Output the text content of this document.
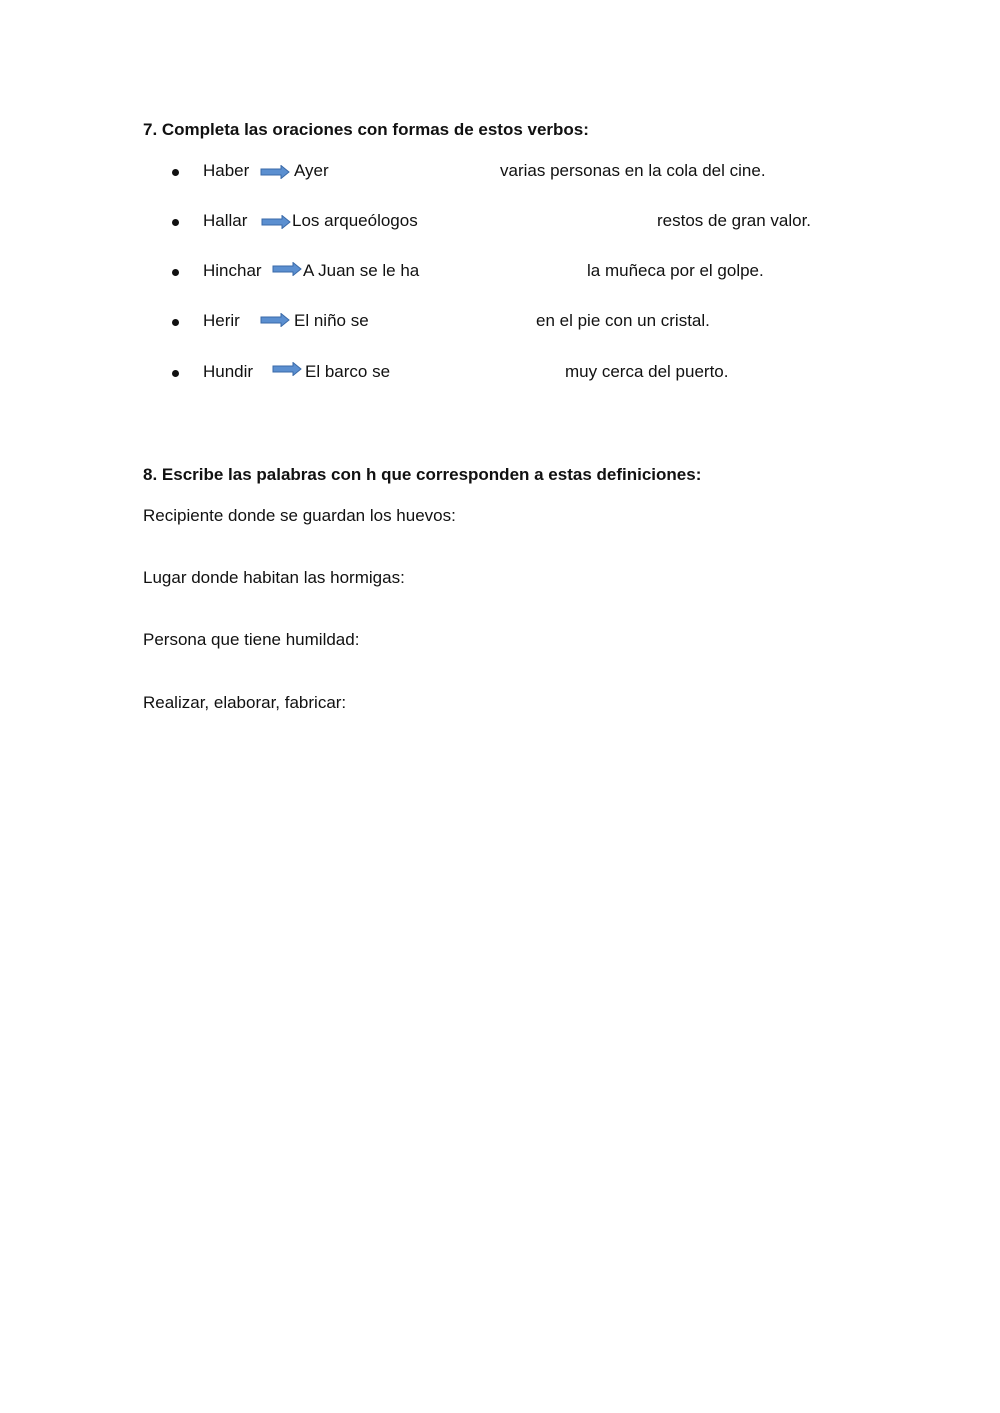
7. Completa las oraciones con formas de estos verbos:
Haber	Ayer	varias personas en la cola del cine.
Hallar	Los arqueólogos	restos de gran valor.
Hinchar A Juan se le ha	la muñeca por el golpe.
Herir	El niño se	en el pie con un cristal.
Hundir	El barco se	muy cerca del puerto.
8. Escribe las palabras con h que corresponden a estas definiciones:
Recipiente donde se guardan los huevos:
Lugar donde habitan las hormigas:
Persona que tiene humildad:
Realizar, elaborar, fabricar:
